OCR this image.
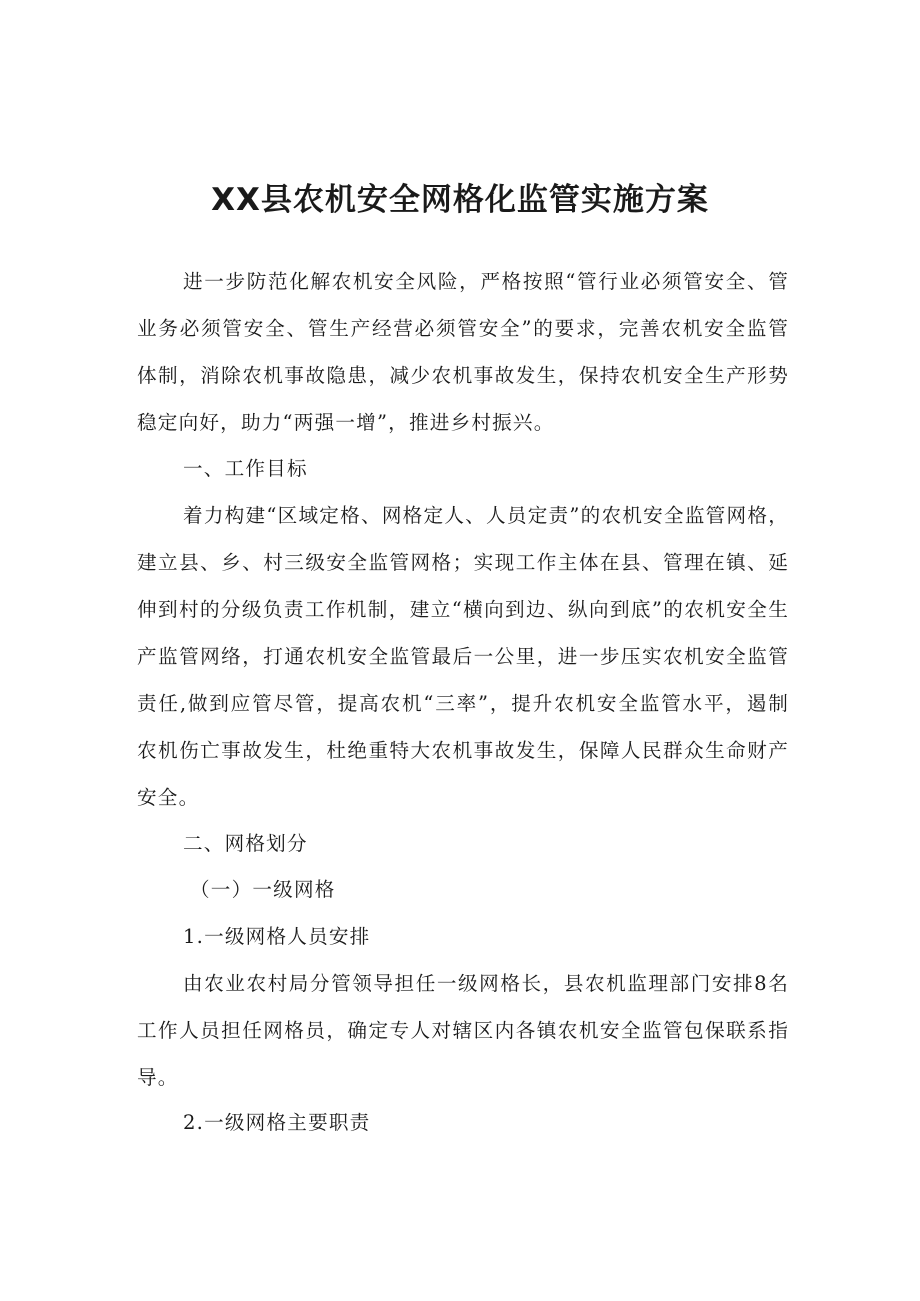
XX县农机安全网格化监管实施方案
进一步防范化解农机安全风险，严格按照“管行业必须管安全、管业务必须管安全、管生产经营必须管安全”的要求，完善农机安全监管体制，消除农机事故隐患，减少农机事故发生，保持农机安全生产形势稳定向好，助力“两强一增”，推进乡村振兴。
一、工作目标
着力构建“区域定格、网格定人、人员定责”的农机安全监管网格，建立县、乡、村三级安全监管网格；实现工作主体在县、管理在镇、延伸到村的分级负责工作机制，建立“横向到边、纵向到底”的农机安全生产监管网络，打通农机安全监管最后一公里，进一步压实农机安全监管责任,做到应管尽管，提高农机“三率”，提升农机安全监管水平，遏制农机伤亡事故发生，杜绝重特大农机事故发生，保障人民群众生命财产安全。
二、网格划分
（一）一级网格
1.一级网格人员安排
由农业农村局分管领导担任一级网格长，县农机监理部门安排8名工作人员担任网格员，确定专人对辖区内各镇农机安全监管包保联系指导。
2.一级网格主要职责
